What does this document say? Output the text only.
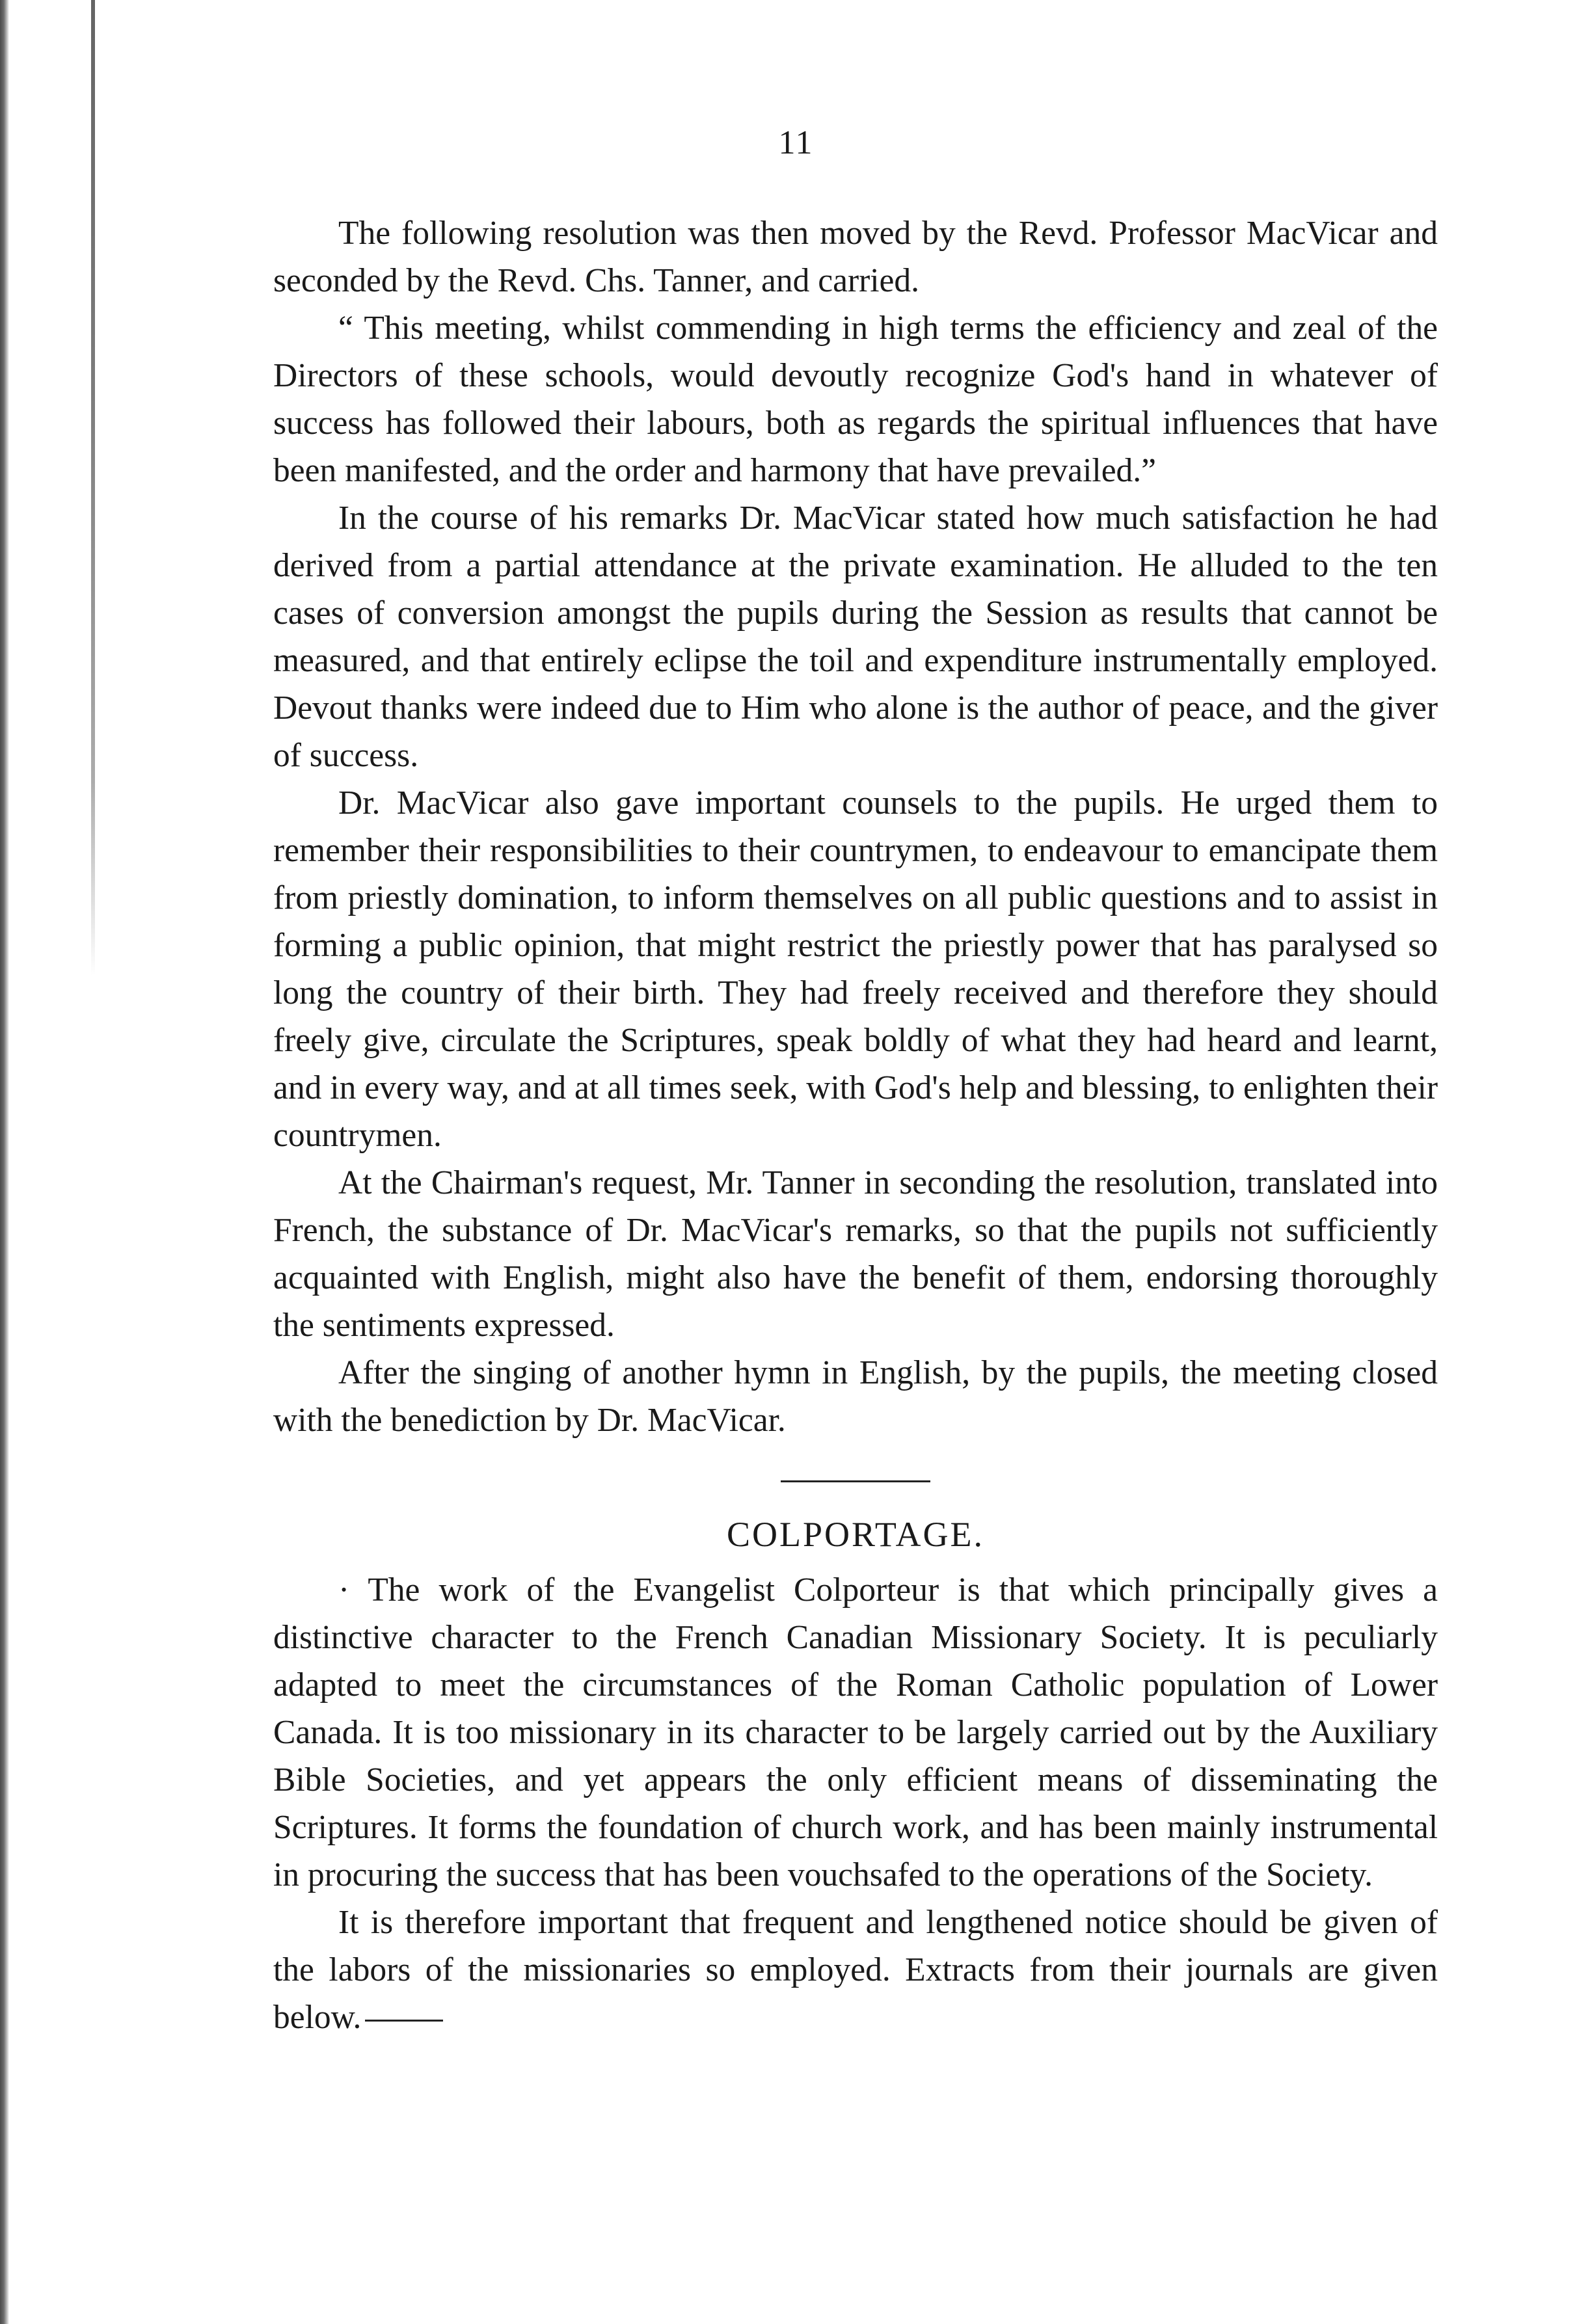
11

The following resolution was then moved by the Revd. Professor MacVicar and seconded by the Revd. Chs. Tanner, and carried.

“ This meeting, whilst commending in high terms the efficiency and zeal of the Directors of these schools, would devoutly recognize God's hand in whatever of success has followed their labours, both as regards the spiritual influences that have been manifested, and the order and harmony that have prevailed.”

In the course of his remarks Dr. MacVicar stated how much satisfaction he had derived from a partial attendance at the private examination. He alluded to the ten cases of conversion amongst the pupils during the Session as results that cannot be measured, and that entirely eclipse the toil and expenditure instrumentally employed. Devout thanks were indeed due to Him who alone is the author of peace, and the giver of success.

Dr. MacVicar also gave important counsels to the pupils. He urged them to remember their responsibilities to their countrymen, to endeavour to emancipate them from priestly domination, to inform themselves on all public questions and to assist in forming a public opinion, that might restrict the priestly power that has paralysed so long the country of their birth. They had freely received and therefore they should freely give, circulate the Scriptures, speak boldly of what they had heard and learnt, and in every way, and at all times seek, with God's help and blessing, to enlighten their countrymen.

At the Chairman's request, Mr. Tanner in seconding the resolution, translated into French, the substance of Dr. MacVicar's remarks, so that the pupils not sufficiently acquainted with English, might also have the benefit of them, endorsing thoroughly the sentiments expressed.

After the singing of another hymn in English, by the pupils, the meeting closed with the benediction by Dr. MacVicar.

COLPORTAGE.

· The work of the Evangelist Colporteur is that which principally gives a distinctive character to the French Canadian Missionary Society. It is peculiarly adapted to meet the circumstances of the Roman Catholic population of Lower Canada. It is too missionary in its character to be largely carried out by the Auxiliary Bible Societies, and yet appears the only efficient means of disseminating the Scriptures. It forms the foundation of church work, and has been mainly instrumental in procuring the success that has been vouchsafed to the operations of the Society.

It is therefore important that frequent and lengthened notice should be given of the labors of the missionaries so employed. Extracts from their journals are given below.
